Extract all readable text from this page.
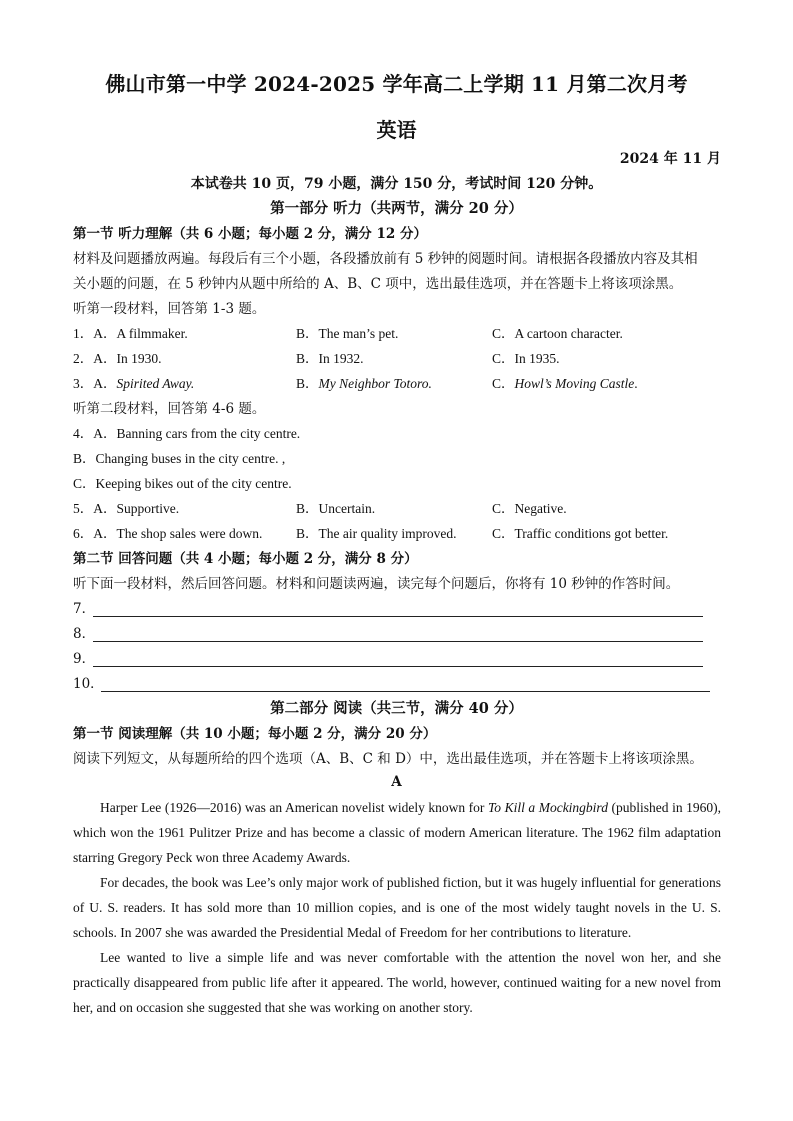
佛山市第一中学 2024-2025 学年高二上学期 11 月第二次月考
英语
2024 年 11 月
本试卷共 10 页，79 小题，满分 150 分，考试时间 120 分钟。
第一部分 听力（共两节，满分 20 分）
第一节 听力理解（共 6 小题；每小题 2 分，满分 12 分）
材料及问题播放两遍。每段后有三个小题，各段播放前有 5 秒钟的阅题时间。请根据各段播放内容及其相
关小题的问题，在 5 秒钟内从题中所给的 A、B、C 项中，选出最佳选项，并在答题卡上将该项涂黑。
听第一段材料，回答第 1-3 题。
1．A．A filmmaker.	B．The man’s pet.	C．A cartoon character.
2．A．In 1930.	B．In 1932.	C．In 1935.
3．A．Spirited Away.	B．My Neighbor Totoro.	C．Howl’s Moving Castle.
听第二段材料，回答第 4-6 题。
4．A．Banning cars from the city centre.
B．Changing buses in the city centre. ,
C．Keeping bikes out of the city centre.
5．A．Supportive.	B．Uncertain.	C．Negative.
6．A．The shop sales were down. B．The air quality improved.	C．Traffic conditions got better.
第二节 回答问题（共 4 小题；每小题 2 分，满分 8 分）
听下面一段材料，然后回答问题。材料和问题读两遍，读完每个问题后，你将有 10 秒钟的作答时间。
7．
8．
9．
10．
第二部分 阅读（共三节，满分 40 分）
第一节 阅读理解（共 10 小题；每小题 2 分，满分 20 分）
阅读下列短文，从每题所给的四个选项（A、B、C 和 D）中，选出最佳选项，并在答题卡上将该项涂黑。
A
Harper Lee (1926—2016) was an American novelist widely known for To Kill a Mockingbird (published in 1960), which won the 1961 Pulitzer Prize and has become a classic of modern American literature. The 1962 film adaptation starring Gregory Peck won three Academy Awards.
For decades, the book was Lee’s only major work of published fiction, but it was hugely influential for generations of U. S. readers. It has sold more than 10 million copies, and is one of the most widely taught novels in the U. S. schools. In 2007 she was awarded the Presidential Medal of Freedom for her contributions to literature.
Lee wanted to live a simple life and was never comfortable with the attention the novel won her, and she practically disappeared from public life after it appeared. The world, however, continued waiting for a new novel from her, and on occasion she suggested that she was working on another story.
